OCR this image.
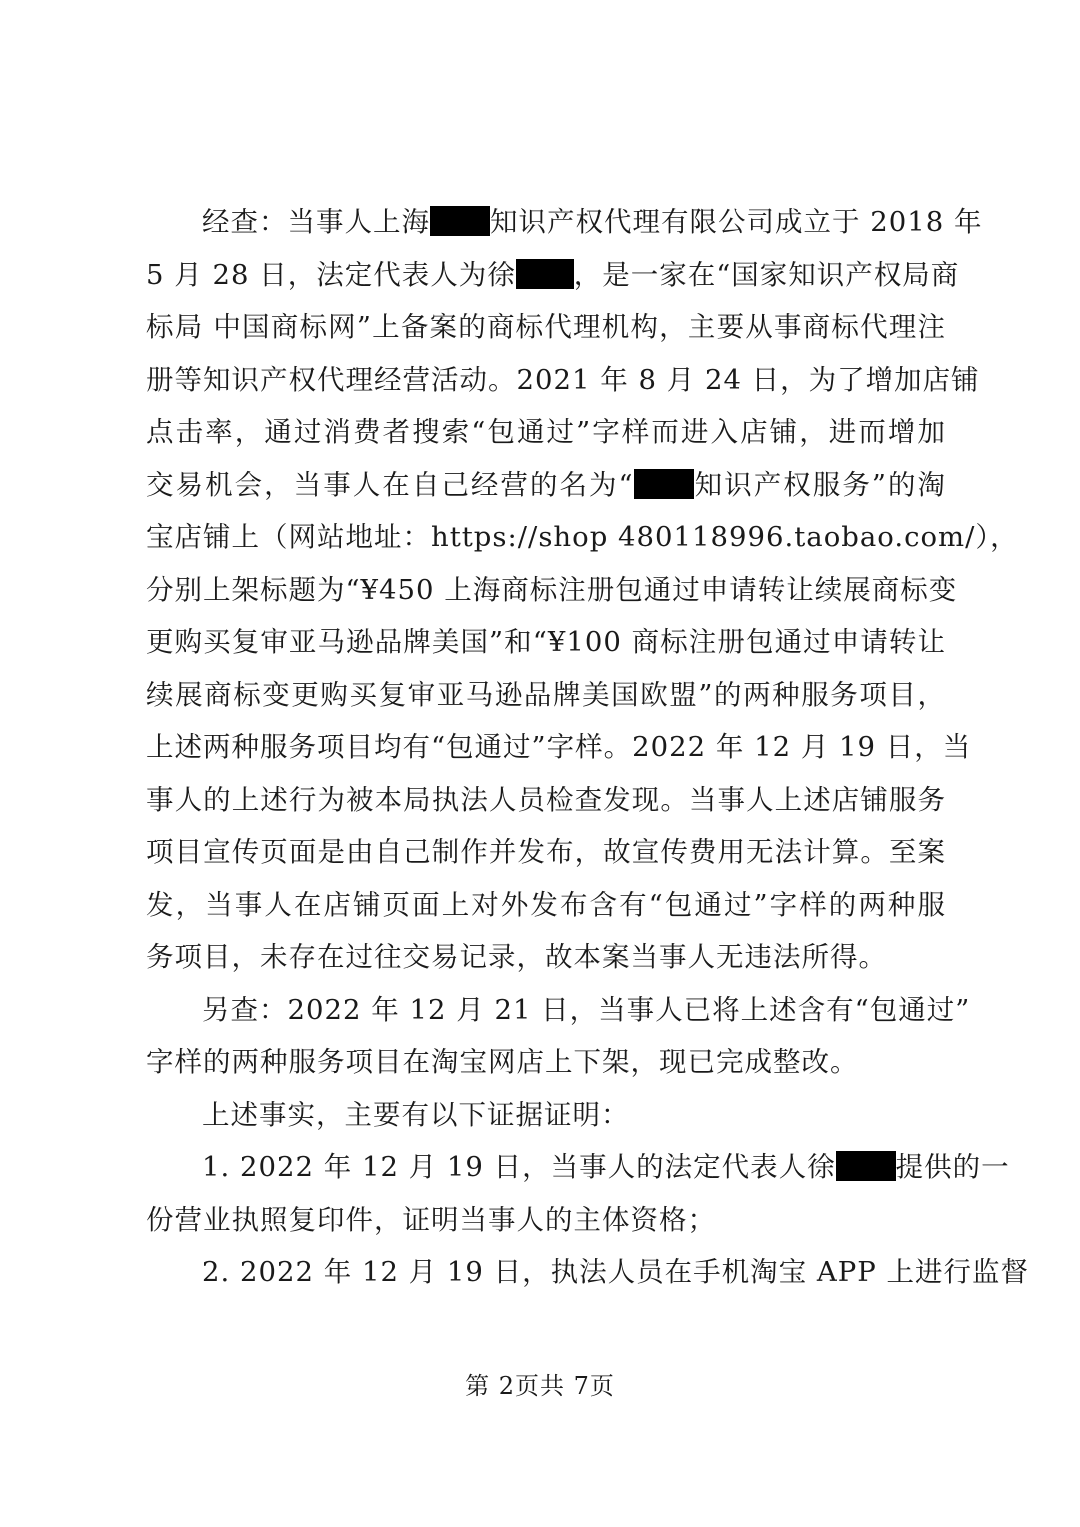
经查：当事人上海 知识产权代理有限公司成立于 2018 年
5 月 28 日，法定代表人为徐 ，是一家在“国家知识产权局商
标局 中国商标网”上备案的商标代理机构，主要从事商标代理注
册等知识产权代理经营活动。2021 年 8 月 24 日，为了增加店铺
点击率，通过消费者搜索“包通过”字样而进入店铺，进而增加
交易机会，当事人在自己经营的名为“ 知识产权服务”的淘
宝店铺上（网站地址：https://shop 480118996.taobao.com/），
分别上架标题为“¥450 上海商标注册包通过申请转让续展商标变
更购买复审亚马逊品牌美国”和“¥100 商标注册包通过申请转让
续展商标变更购买复审亚马逊品牌美国欧盟”的两种服务项目，
上述两种服务项目均有“包通过”字样。2022 年 12 月 19 日，当
事人的上述行为被本局执法人员检查发现。当事人上述店铺服务
项目宣传页面是由自己制作并发布，故宣传费用无法计算。至案
发，当事人在店铺页面上对外发布含有“包通过”字样的两种服
务项目，未存在过往交易记录，故本案当事人无违法所得。
另查：2022 年 12 月 21 日，当事人已将上述含有“包通过”
字样的两种服务项目在淘宝网店上下架，现已完成整改。
上述事实，主要有以下证据证明：
1. 2022 年 12 月 19 日，当事人的法定代表人徐 提供的一
份营业执照复印件，证明当事人的主体资格；
2. 2022 年 12 月 19 日，执法人员在手机淘宝 APP 上进行监督
第 2页共 7页
